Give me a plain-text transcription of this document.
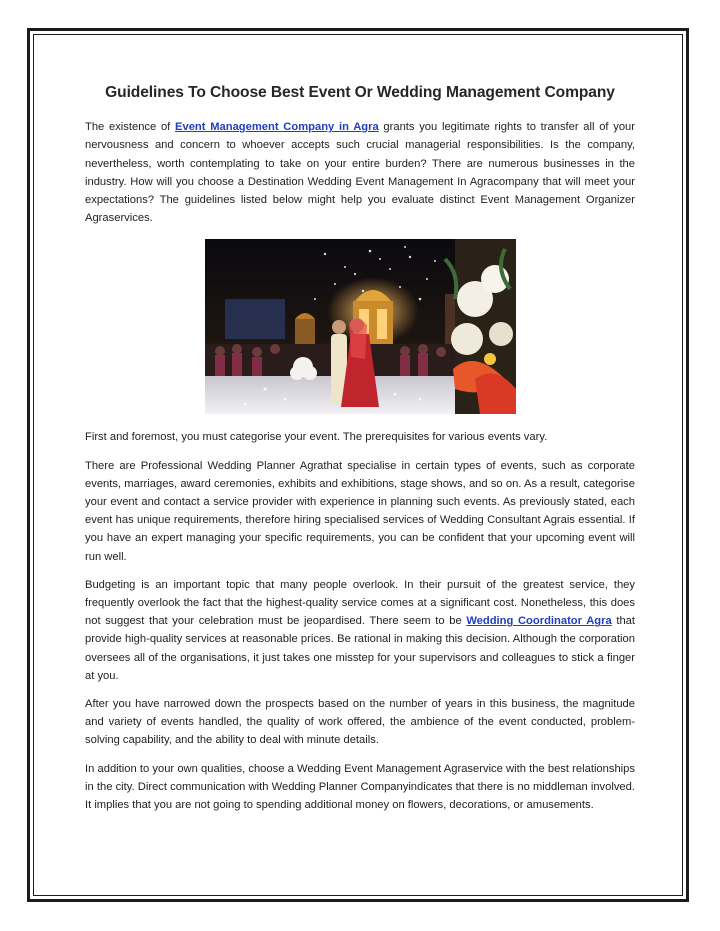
Guidelines To Choose Best Event Or Wedding Management Company

The existence of Event Management Company in Agra grants you legitimate rights to transfer all of your nervousness and concern to whoever accepts such crucial managerial responsibilities. Is the company, nevertheless, worth contemplating to take on your entire burden? There are numerous businesses in the industry. How will you choose a Destination Wedding Event Management In Agracompany that will meet your expectations? The guidelines listed below might help you evaluate distinct Event Management Organizer Agraservices.

First and foremost, you must categorise your event. The prerequisites for various events vary.

There are Professional Wedding Planner Agrathat specialise in certain types of events, such as corporate events, marriages, award ceremonies, exhibits and exhibitions, stage shows, and so on. As a result, categorise your event and contact a service provider with experience in planning such events. As previously stated, each event has unique requirements, therefore hiring specialised services of Wedding Consultant Agrais essential. If you have an expert managing your specific requirements, you can be confident that your upcoming event will run well.

Budgeting is an important topic that many people overlook. In their pursuit of the greatest service, they frequently overlook the fact that the highest-quality service comes at a significant cost. Nonetheless, this does not suggest that your celebration must be jeopardised. There seem to be Wedding Coordinator Agra that provide high-quality services at reasonable prices. Be rational in making this decision. Although the corporation oversees all of the organisations, it just takes one misstep for your supervisors and colleagues to stick a finger at you.

After you have narrowed down the prospects based on the number of years in this business, the magnitude and variety of events handled, the quality of work offered, the ambience of the event conducted, problem-solving capability, and the ability to deal with minute details.

In addition to your own qualities, choose a Wedding Event Management Agraservice with the best relationships in the city. Direct communication with Wedding Planner Companyindicates that there is no middleman involved. It implies that you are not going to spending additional money on flowers, decorations, or amusements.
